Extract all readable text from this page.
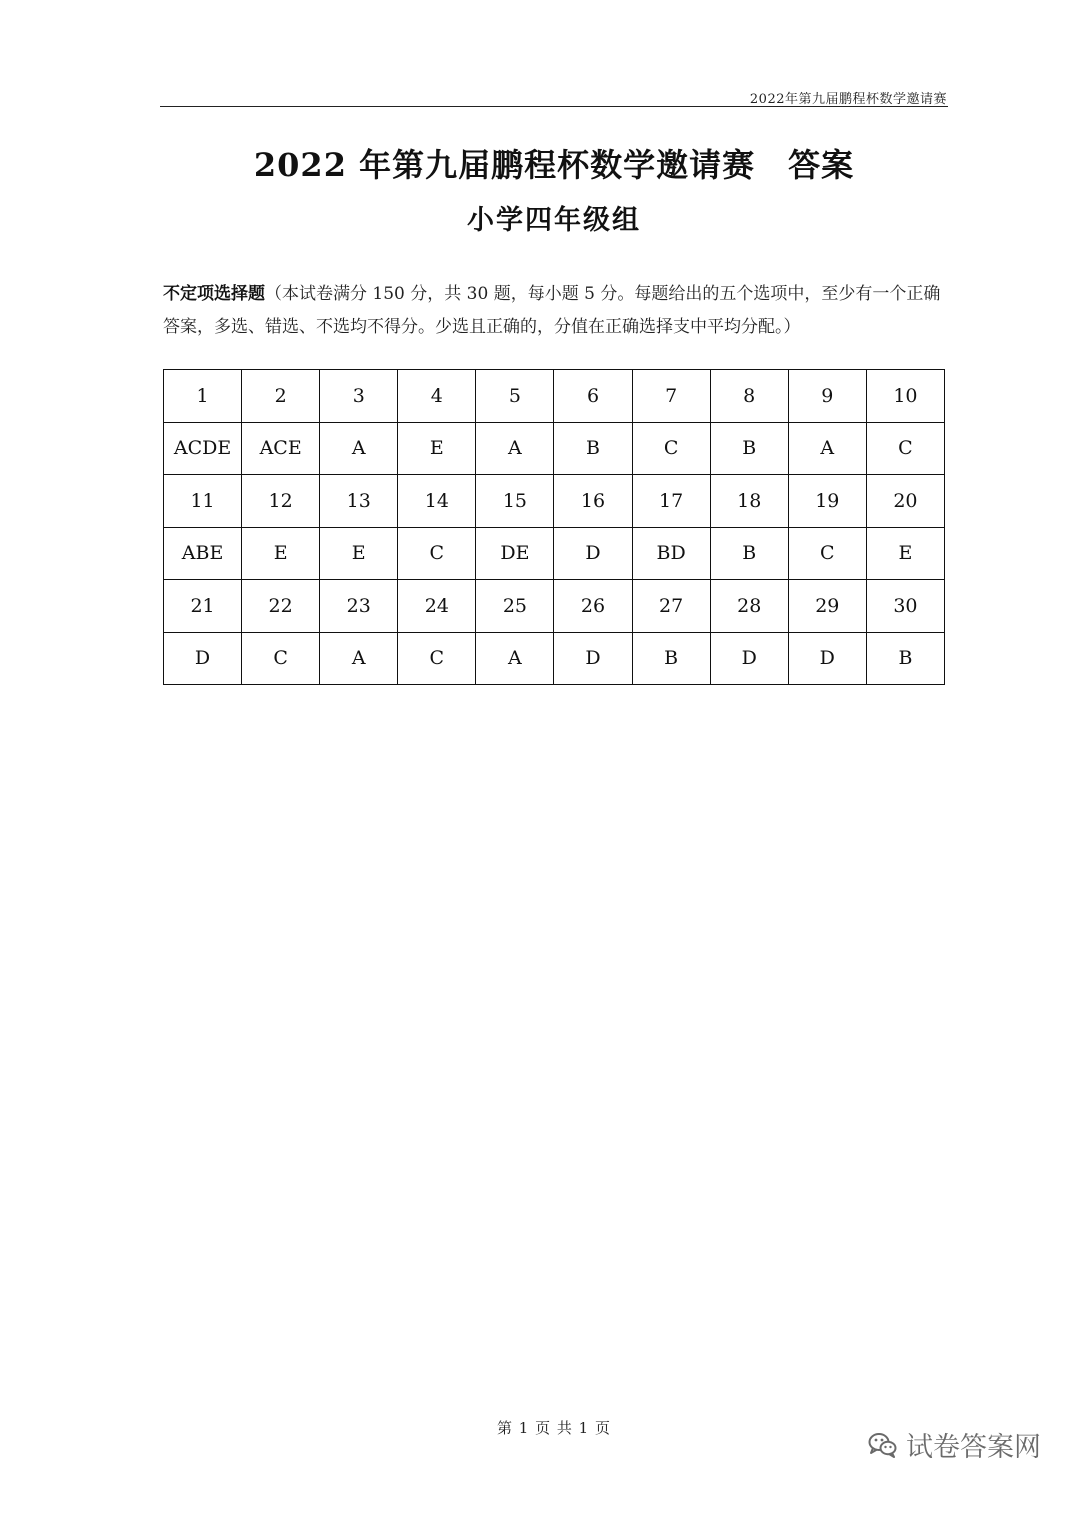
2022年第九届鹏程杯数学邀请赛
2022 年第九届鹏程杯数学邀请赛　答案
小学四年级组
不定项选择题（本试卷满分 150 分，共 30 题，每小题 5 分。每题给出的五个选项中，至少有一个正确答案，多选、错选、不选均不得分。少选且正确的，分值在正确选择支中平均分配。）
1	2	3	4	5	6	7	8	9	10
ACDE	ACE	A	E	A	B	C	B	A	C
11	12	13	14	15	16	17	18	19	20
ABE	E	E	C	DE	D	BD	B	C	E
21	22	23	24	25	26	27	28	29	30
D	C	A	C	A	D	B	D	D	B
第 1 页 共 1 页
试卷答案网
